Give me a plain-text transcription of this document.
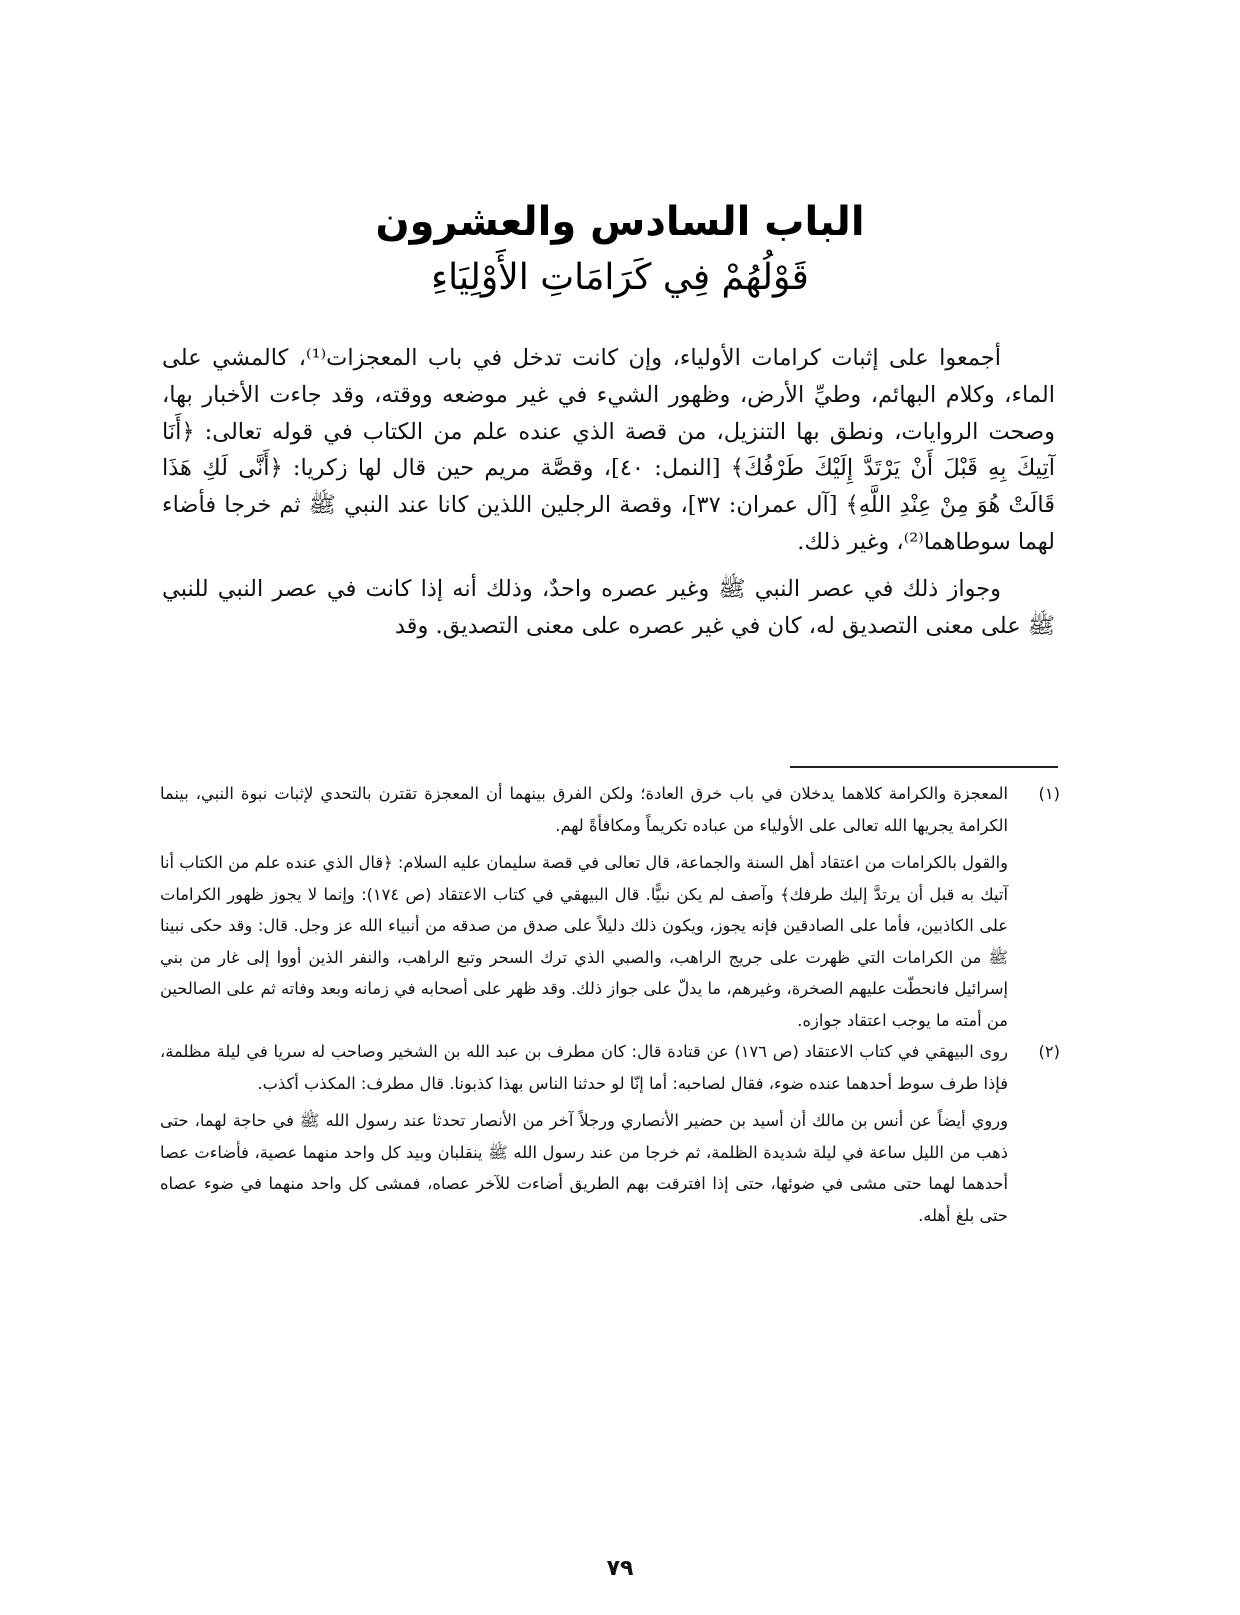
الباب السادس والعشرون
قَوْلُهُمْ فِي كَرَامَاتِ الأَوْلِيَاءِ

أجمعوا على إثبات كرامات الأولياء، وإن كانت تدخل في باب المعجزات⁽¹⁾، كالمشي على الماء، وكلام البهائم، وطيِّ الأرض، وظهور الشيء في غير موضعه ووقته، وقد جاءت الأخبار بها، وصحت الروايات، ونطق بها التنزيل، من قصة الذي عنده علم من الكتاب في قوله تعالى: ﴿أَنَا آتِيكَ بِهِ قَبْلَ أَنْ يَرْتَدَّ إِلَيْكَ طَرْفُكَ﴾ [النمل: ٤٠]، وقصَّة مريم حين قال لها زكريا: ﴿أَنَّى لَكِ هَذَا قَالَتْ هُوَ مِنْ عِنْدِ اللَّهِ﴾ [آل عمران: ٣٧]، وقصة الرجلين اللذين كانا عند النبي ﷺ ثم خرجا فأضاء لهما سوطاهما⁽²⁾، وغير ذلك.

وجواز ذلك في عصر النبي ﷺ وغير عصره واحدٌ، وذلك أنه إذا كانت في عصر النبي للنبي ﷺ على معنى التصديق له، كان في غير عصره على معنى التصديق. وقد

(١)
المعجزة والكرامة كلاهما يدخلان في باب خرق العادة؛ ولكن الفرق بينهما أن المعجزة تقترن بالتحدي لإثبات نبوة النبي، بينما الكرامة يجريها الله تعالى على الأولياء من عباده تكريماً ومكافأةً لهم.

والقول بالكرامات من اعتقاد أهل السنة والجماعة، قال تعالى في قصة سليمان عليه السلام: ﴿قال الذي عنده علم من الكتاب أنا آتيك به قبل أن يرتدَّ إليك طرفك﴾ وآصف لم يكن نبيًّا. قال البيهقي في كتاب الاعتقاد (ص ١٧٤): وإنما لا يجوز ظهور الكرامات على الكاذبين، فأما على الصادقين فإنه يجوز، ويكون ذلك دليلاً على صدق من صدقه من أنبياء الله عز وجل. قال: وقد حكى نبينا ﷺ من الكرامات التي ظهرت على جريج الراهب، والصبي الذي ترك السحر وتبع الراهب، والنفر الذين أووا إلى غار من بني إسرائيل فانحطّت عليهم الصخرة، وغيرهم، ما يدلّ على جواز ذلك. وقد ظهر على أصحابه في زمانه وبعد وفاته ثم على الصالحين من أمته ما يوجب اعتقاد جوازه.

(٢)
روى البيهقي في كتاب الاعتقاد (ص ١٧٦) عن قتادة قال: كان مطرف بن عبد الله بن الشخير وصاحب له سريا في ليلة مظلمة، فإذا طرف سوط أحدهما عنده ضوء، فقال لصاحبه: أما إنّا لو حدثنا الناس بهذا كذبونا. قال مطرف: المكذب أكذب.

وروي أيضاً عن أنس بن مالك أن أسيد بن حضير الأنصاري ورجلاً آخر من الأنصار تحدثا عند رسول الله ﷺ في حاجة لهما، حتى ذهب من الليل ساعة في ليلة شديدة الظلمة، ثم خرجا من عند رسول الله ﷺ ينقلبان وبيد كل واحد منهما عصية، فأضاءت عصا أحدهما لهما حتى مشى في ضوئها، حتى إذا افترقت بهم الطريق أضاءت للآخر عصاه، فمشى كل واحد منهما في ضوء عصاه حتى بلغ أهله.

٧٩
